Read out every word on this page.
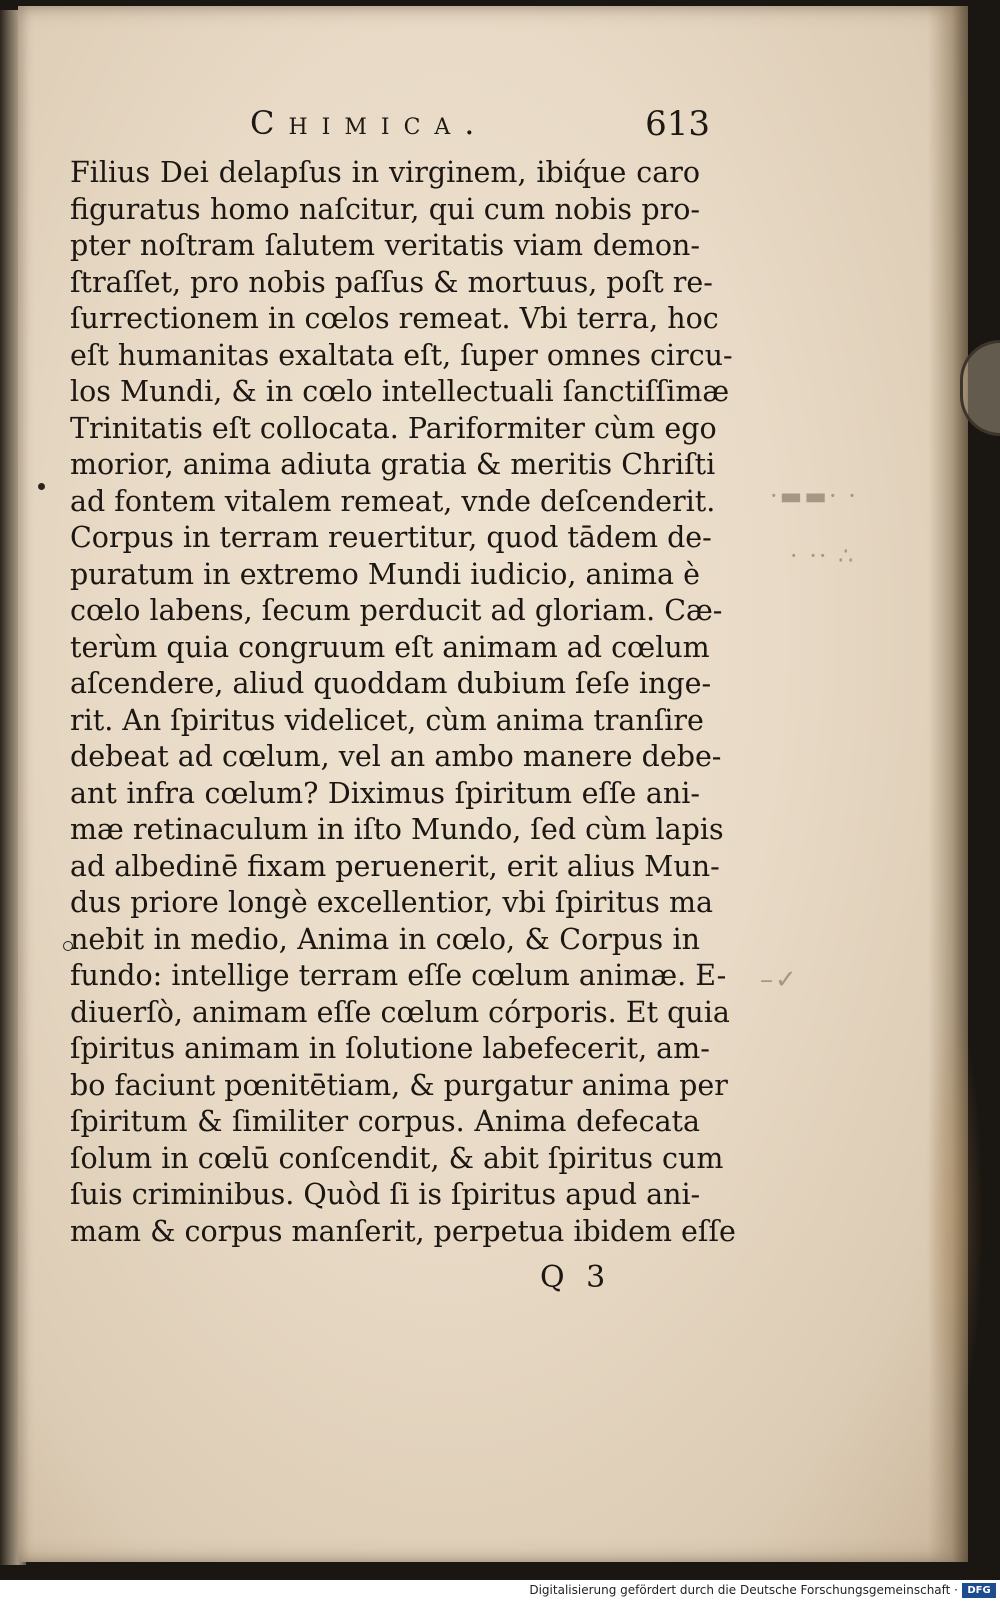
·▬▬· ·
· ·· ∴
–✓
Chimica.	613
Filius Dei delapſus in virginem, ibiq́ue caro
figuratus homo naſcitur, qui cum nobis pro-
pter noſtram ſalutem veritatis viam demon-
ſtraſſet, pro nobis paſſus & mortuus, poſt re-
ſurrectionem in cœlos remeat. Vbi terra, hoc
eſt humanitas exaltata eſt, ſuper omnes circu-
los Mundi, & in cœlo intellectuali ſanctiſſimæ
Trinitatis eſt collocata. Pariformiter cùm ego
morior, anima adiuta gratia & meritis Chriſti
ad fontem vitalem remeat, vnde deſcenderit.
Corpus in terram reuertitur, quod tādem de-
puratum in extremo Mundi iudicio, anima è
cœlo labens, ſecum perducit ad gloriam. Cæ-
terùm quia congruum eſt animam ad cœlum
aſcendere, aliud quoddam dubium ſeſe inge-
rit. An ſpiritus videlicet, cùm anima tranſire
debeat ad cœlum, vel an ambo manere debe-
ant infra cœlum? Diximus ſpiritum eſſe ani-
mæ retinaculum in iſto Mundo, ſed cùm lapis
ad albedinē fixam peruenerit, erit alius Mun-
dus priore longè excellentior, vbi ſpiritus ma
nebit in medio, Anima in cœlo, & Corpus in
fundo: intellige terram eſſe cœlum animæ. E-
diuerſò, animam eſſe cœlum córporis. Et quia
ſpiritus animam in ſolutione labefecerit, am-
bo faciunt pœnitētiam, & purgatur anima per
ſpiritum & ſimiliter corpus. Anima defecata
ſolum in cœlū conſcendit, & abit ſpiritus cum
ſuis criminibus. Quòd ſi is ſpiritus apud ani-
mam & corpus manſerit, perpetua ibidem eſſe
Q 3
Digitalisierung gefördert durch die Deutsche Forschungsgemeinschaft · DFG
